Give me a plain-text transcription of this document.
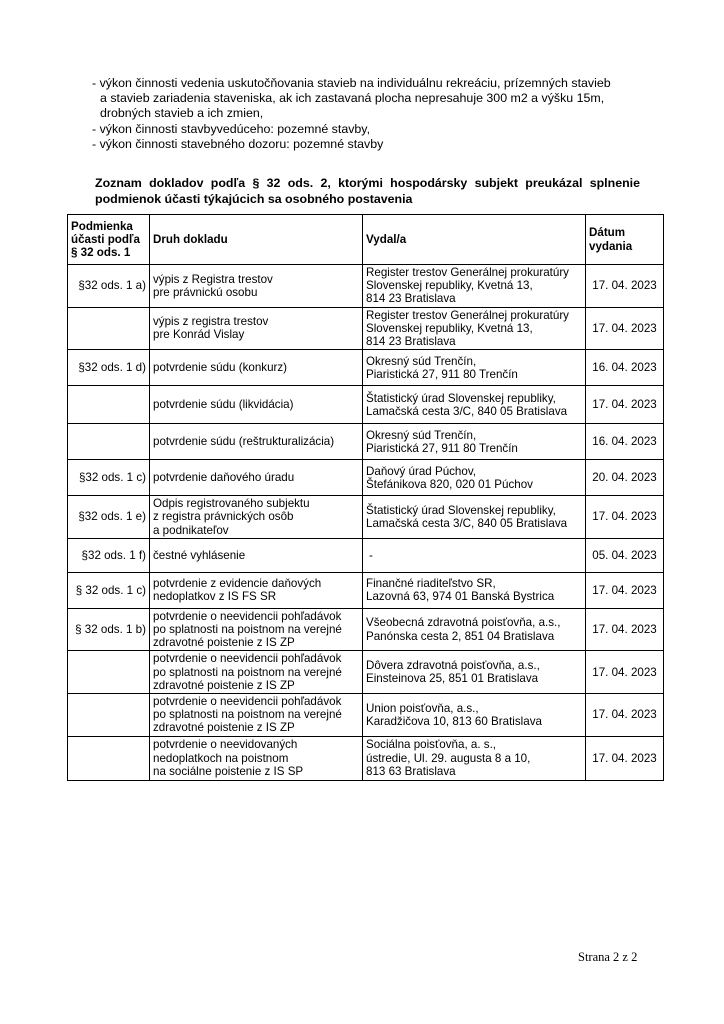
- výkon činnosti vedenia uskutočňovania stavieb na individuálnu rekreáciu, prízemných stavieb
a stavieb zariadenia staveniska, ak ich zastavaná plocha nepresahuje 300 m2 a výšku 15m,
drobných stavieb a ich zmien,
- výkon činnosti stavbyvedúceho: pozemné stavby,
- výkon činnosti stavebného dozoru: pozemné stavby
Zoznam dokladov podľa § 32 ods. 2, ktorými hospodársky subjekt preukázal splnenie
podmienok účasti týkajúcich sa osobného postavenia
Podmienka
účasti podľa
§ 32 ods. 1	Druh dokladu	Vydal/a	Dátum
vydania

§32 ods. 1 a)	výpis z Registra trestov
pre právnickú osobu	Register trestov Generálnej prokuratúry
Slovenskej republiky, Kvetná 13,
814 23 Bratislava	17. 04. 2023

	výpis z registra trestov
pre Konrád Vislay	Register trestov Generálnej prokuratúry
Slovenskej republiky, Kvetná 13,
814 23 Bratislava	17. 04. 2023
§32 ods. 1 d)	potvrdenie súdu (konkurz)	Okresný súd Trenčín,
Piaristická 27, 911 80 Trenčín	16. 04. 2023

	potvrdenie súdu (likvidácia)	Štatistický úrad Slovenskej republiky,
Lamačská cesta 3/C, 840 05 Bratislava	17. 04. 2023

	potvrdenie súdu (reštrukturalizácia)	Okresný súd Trenčín,
Piaristická 27, 911 80 Trenčín	16. 04. 2023
§32 ods. 1 c)	potvrdenie daňového úradu	Daňový úrad Púchov,
Štefánikova 820, 020 01 Púchov	20. 04. 2023
§32 ods. 1 e)	Odpis registrovaného subjektu
z registra právnických osôb
a podnikateľov	Štatistický úrad Slovenskej republiky,
Lamačská cesta 3/C, 840 05 Bratislava	17. 04. 2023
§32 ods. 1 f)	čestné vyhlásenie	-	05. 04. 2023
§ 32 ods. 1 c)	potvrdenie z evidencie daňových
nedoplatkov z IS FS SR	Finančné riaditeľstvo SR,
Lazovná 63, 974 01 Banská Bystrica	17. 04. 2023
§ 32 ods. 1 b)	potvrdenie o neevidencii pohľadávok
po splatnosti na poistnom na verejné
zdravotné poistenie z IS ZP	Všeobecná zdravotná poisťovňa, a.s.,
Panónska cesta 2, 851 04 Bratislava	17. 04. 2023

	potvrdenie o neevidencii pohľadávok
po splatnosti na poistnom na verejné
zdravotné poistenie z IS ZP	Dôvera zdravotná poisťovňa, a.s.,
Einsteinova 25, 851 01 Bratislava	17. 04. 2023

	potvrdenie o neevidencii pohľadávok
po splatnosti na poistnom na verejné
zdravotné poistenie z IS ZP	Union poisťovňa, a.s.,
Karadžičova 10, 813 60 Bratislava	17. 04. 2023

	potvrdenie o neevidovaných
nedoplatkoch na poistnom
na sociálne poistenie z IS SP	Sociálna poisťovňa, a. s.,
ústredie, Ul. 29. augusta 8 a 10,
813 63 Bratislava	17. 04. 2023
Strana 2 z 2
